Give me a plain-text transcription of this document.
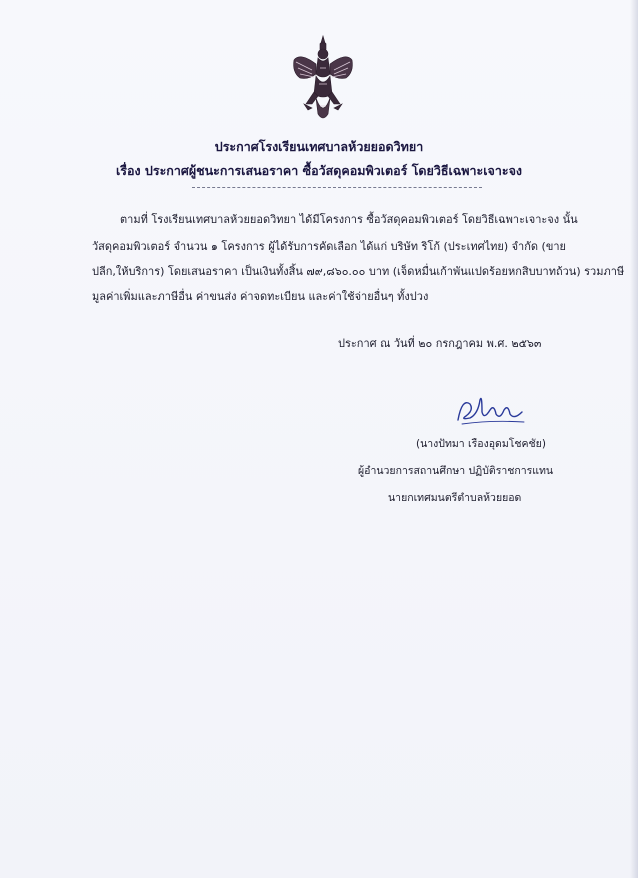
ประกาศโรงเรียนเทศบาลห้วยยอดวิทยา
เรื่อง ประกาศผู้ชนะการเสนอราคา ซื้อวัสดุคอมพิวเตอร์ โดยวิธีเฉพาะเจาะจง
ตามที่ โรงเรียนเทศบาลห้วยยอดวิทยา ได้มีโครงการ ซื้อวัสดุคอมพิวเตอร์ โดยวิธีเฉพาะเจาะจง นั้น
วัสดุคอมพิวเตอร์ จำนวน ๑ โครงการ ผู้ได้รับการคัดเลือก ได้แก่ บริษัท ริโก้ (ประเทศไทย) จำกัด (ขาย
ปลีก,ให้บริการ) โดยเสนอราคา เป็นเงินทั้งสิ้น ๗๙,๘๖๐.๐๐ บาท (เจ็ดหมื่นเก้าพันแปดร้อยหกสิบบาทถ้วน) รวมภาษี
มูลค่าเพิ่มและภาษีอื่น ค่าขนส่ง ค่าจดทะเบียน และค่าใช้จ่ายอื่นๆ ทั้งปวง
ประกาศ ณ วันที่ ๒๐ กรกฎาคม พ.ศ. ๒๕๖๓
(นางปัทมา เรืองอุดมโชคชัย)
ผู้อำนวยการสถานศึกษา ปฏิบัติราชการแทน
นายกเทศมนตรีตำบลห้วยยอด
